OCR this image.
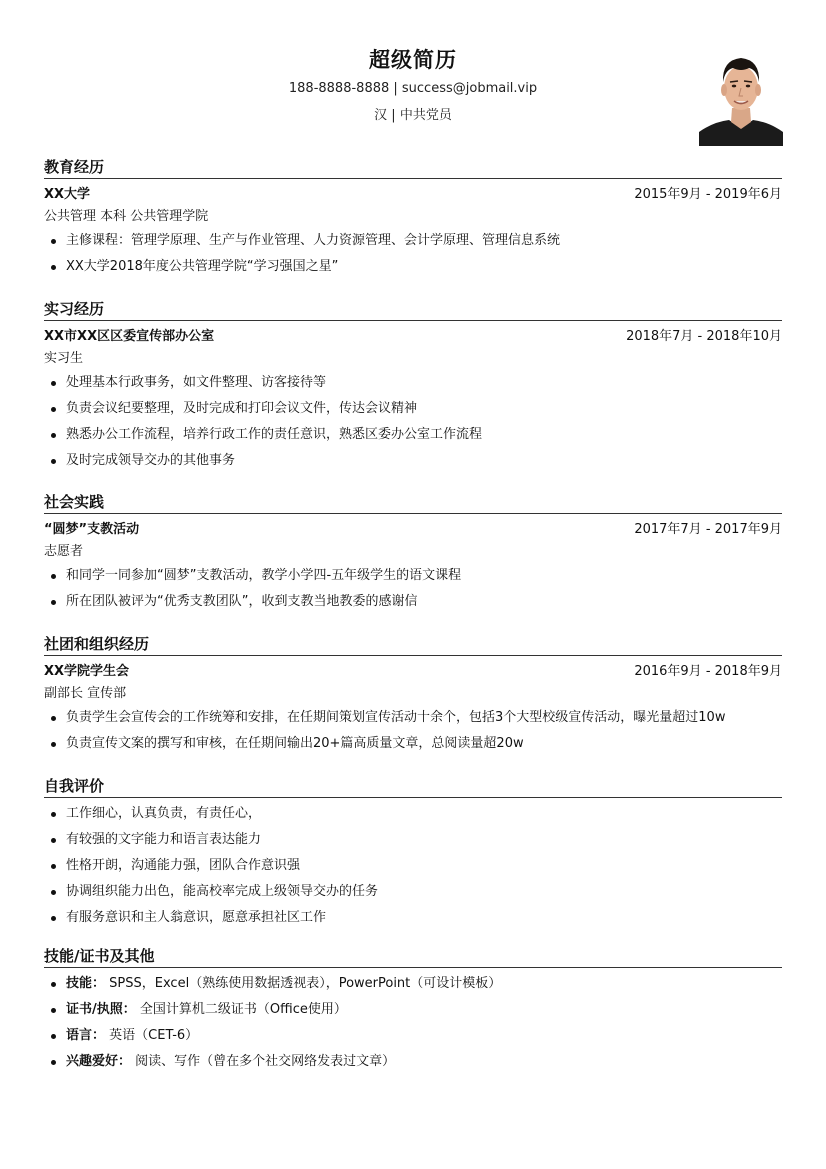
超级简历
188-8888-8888 | success@jobmail.vip
汉 | 中共党员
教育经历
XX大学	2015年9月 - 2019年6月
公共管理 本科 公共管理学院
主修课程：管理学原理、生产与作业管理、人力资源管理、会计学原理、管理信息系统
XX大学2018年度公共管理学院“学习强国之星”
实习经历
XX市XX区区委宣传部办公室	2018年7月 - 2018年10月
实习生
处理基本行政事务，如文件整理、访客接待等
负责会议纪要整理，及时完成和打印会议文件，传达会议精神
熟悉办公工作流程，培养行政工作的责任意识，熟悉区委办公室工作流程
及时完成领导交办的其他事务
社会实践
“圆梦”支教活动	2017年7月 - 2017年9月
志愿者
和同学一同参加“圆梦”支教活动，教学小学四-五年级学生的语文课程
所在团队被评为“优秀支教团队”，收到支教当地教委的感谢信
社团和组织经历
XX学院学生会	2016年9月 - 2018年9月
副部长 宣传部
负责学生会宣传会的工作统筹和安排，在任期间策划宣传活动十余个，包括3个大型校级宣传活动，曝光量超过10w
负责宣传文案的撰写和审核，在任期间输出20+篇高质量文章，总阅读量超20w
自我评价
工作细心，认真负责，有责任心，
有较强的文字能力和语言表达能力
性格开朗，沟通能力强，团队合作意识强
协调组织能力出色，能高校率完成上级领导交办的任务
有服务意识和主人翁意识，愿意承担社区工作
技能/证书及其他
技能： SPSS，Excel（熟练使用数据透视表），PowerPoint（可设计模板）
证书/执照： 全国计算机二级证书（Office使用）
语言： 英语（CET-6）
兴趣爱好： 阅读、写作（曾在多个社交网络发表过文章）
